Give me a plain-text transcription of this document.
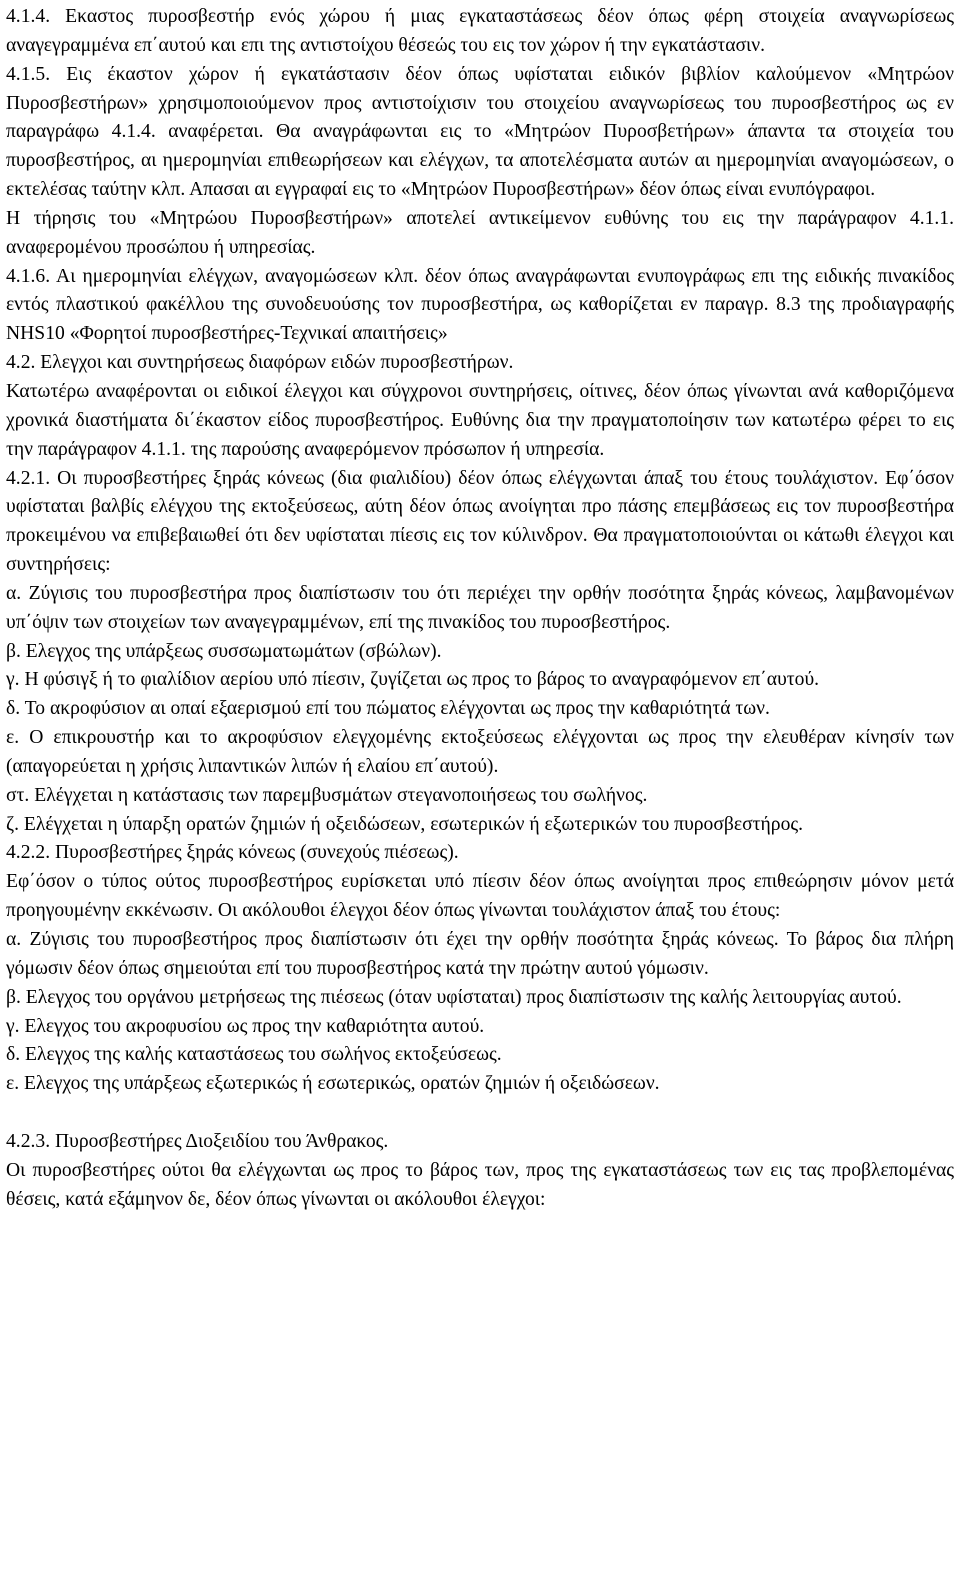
4.1.4. Εκαστος πυροσβεστήρ ενός χώρου ή μιας εγκαταστάσεως δέον όπως φέρη στοιχεία αναγνωρίσεως αναγεγραμμένα επ΄αυτού και επι της αντιστοίχου θέσεώς του εις τον χώρον ή την εγκατάστασιν.

4.1.5. Εις έκαστον χώρον ή εγκατάστασιν δέον όπως υφίσταται ειδικόν βιβλίον καλούμενον «Μητρώον Πυροσβεστήρων» χρησιμοποιούμενον προς αντιστοίχισιν του στοιχείου αναγνωρίσεως του πυροσβεστήρος ως εν παραγράφω 4.1.4. αναφέρεται. Θα αναγράφωνται εις το «Μητρώον Πυροσβετήρων» άπαντα τα στοιχεία του πυροσβεστήρος, αι ημερομηνίαι επιθεωρήσεων και ελέγχων, τα αποτελέσματα αυτών αι ημερομηνίαι αναγομώσεων, ο εκτελέσας ταύτην κλπ. Απασαι αι εγγραφαί εις το «Μητρώον Πυροσβεστήρων» δέον όπως είναι ενυπόγραφοι.

Η τήρησις του «Μητρώου Πυροσβεστήρων» αποτελεί αντικείμενον ευθύνης του εις την παράγραφον 4.1.1. αναφερομένου προσώπου ή υπηρεσίας.

4.1.6. Αι ημερομηνίαι ελέγχων, αναγομώσεων κλπ. δέον όπως αναγράφωνται ενυπογράφως επι της ειδικής πινακίδος εντός πλαστικού φακέλλου της συνοδευούσης τον πυροσβεστήρα, ως καθορίζεται εν παραγρ. 8.3 της προδιαγραφής ΝΗS10 «Φορητοί πυροσβεστήρες-Τεχνικαί απαιτήσεις»

4.2. Ελεγχοι και συντηρήσεως διαφόρων ειδών πυροσβεστήρων.

Κατωτέρω αναφέρονται οι ειδικοί έλεγχοι και σύγχρονοι συντηρήσεις, οίτινες, δέον όπως γίνωνται ανά καθοριζόμενα χρονικά διαστήματα δι΄έκαστον είδος πυροσβεστήρος. Ευθύνης δια την πραγματοποίησιν των κατωτέρω φέρει το εις την παράγραφον 4.1.1. της παρούσης αναφερόμενον πρόσωπον ή υπηρεσία.

4.2.1. Οι πυροσβεστήρες ξηράς κόνεως (δια φιαλιδίου) δέον όπως ελέγχωνται άπαξ του έτους τουλάχιστον. Εφ΄όσον υφίσταται βαλβίς ελέγχου της εκτοξεύσεως, αύτη δέον όπως ανοίγηται προ πάσης επεμβάσεως εις τον πυροσβεστήρα προκειμένου να επιβεβαιωθεί ότι δεν υφίσταται πίεσις εις τον κύλινδρον. Θα πραγματοποιούνται οι κάτωθι έλεγχοι και συντηρήσεις:

α. Ζύγισις του πυροσβεστήρα προς διαπίστωσιν του ότι περιέχει την ορθήν ποσότητα ξηράς κόνεως, λαμβανομένων υπ΄όψιν των στοιχείων των αναγεγραμμένων, επί της πινακίδος του πυροσβεστήρος.

β. Ελεγχος της υπάρξεως συσσωματωμάτων (σβώλων).

γ. Η φύσιγξ ή το φιαλίδιον αερίου υπό πίεσιν, ζυγίζεται ως προς το βάρος το αναγραφόμενον επ΄αυτού.

δ. Το ακροφύσιον αι οπαί εξαερισμού επί του πώματος ελέγχονται ως προς την καθαριότητά των.

ε. Ο επικρουστήρ και το ακροφύσιον ελεγχομένης εκτοξεύσεως ελέγχονται ως προς την ελευθέραν κίνησίν των (απαγορεύεται η χρήσις λιπαντικών λιπών ή ελαίου επ΄αυτού).

στ. Ελέγχεται η κατάστασις των παρεμβυσμάτων στεγανοποιήσεως του σωλήνος.

ζ. Ελέγχεται η ύπαρξη ορατών ζημιών ή οξειδώσεων, εσωτερικών ή εξωτερικών του πυροσβεστήρος.

4.2.2. Πυροσβεστήρες ξηράς κόνεως (συνεχούς πιέσεως).

Εφ΄όσον ο τύπος ούτος πυροσβεστήρος ευρίσκεται υπό πίεσιν δέον όπως ανοίγηται προς επιθεώρησιν μόνον μετά προηγουμένην εκκένωσιν. Οι ακόλουθοι έλεγχοι δέον όπως γίνωνται τουλάχιστον άπαξ του έτους:

α. Ζύγισις του πυροσβεστήρος προς διαπίστωσιν ότι έχει την ορθήν ποσότητα ξηράς κόνεως. Το βάρος δια πλήρη γόμωσιν δέον όπως σημειούται επί του πυροσβεστήρος κατά την πρώτην αυτού γόμωσιν.

β. Ελεγχος του οργάνου μετρήσεως της πιέσεως (όταν υφίσταται) προς διαπίστωσιν της καλής λειτουργίας αυτού.

γ. Ελεγχος του ακροφυσίου ως προς την καθαριότητα αυτού.

δ. Ελεγχος της καλής καταστάσεως του σωλήνος εκτοξεύσεως.

ε. Ελεγχος της υπάρξεως εξωτερικώς ή εσωτερικώς, ορατών ζημιών ή οξειδώσεων.

4.2.3. Πυροσβεστήρες Διοξειδίου του Άνθρακος.

Οι πυροσβεστήρες ούτοι θα ελέγχωνται ως προς το βάρος των, προς της εγκαταστάσεως των εις τας προβλεπομένας θέσεις, κατά εξάμηνον δε, δέον όπως γίνωνται οι ακόλουθοι έλεγχοι:
